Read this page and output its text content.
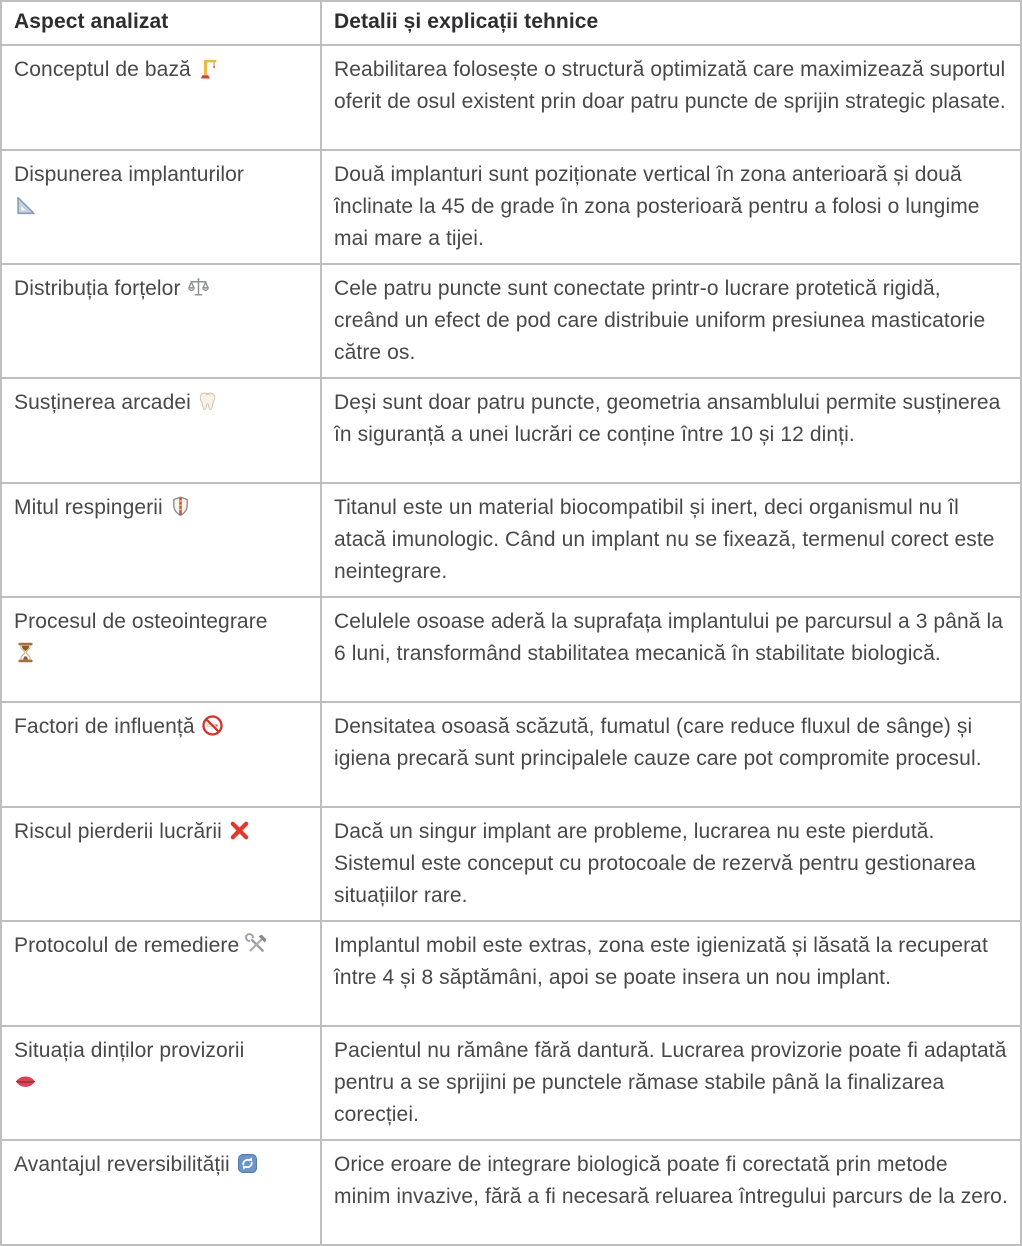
Aspect analizat	Detalii și explicații tehnice
Conceptul de bază	Reabilitarea folosește o structură optimizată care maximizează suportul oferit de osul existent prin doar patru puncte de sprijin strategic plasate.
Dispunerea implanturilor	Două implanturi sunt poziționate vertical în zona anterioară și două înclinate la 45 de grade în zona posterioară pentru a folosi o lungime mai mare a tijei.
Distribuția forțelor	Cele patru puncte sunt conectate printr-o lucrare protetică rigidă, creând un efect de pod care distribuie uniform presiunea masticatorie către os.
Susținerea arcadei	Deși sunt doar patru puncte, geometria ansamblului permite susținerea în siguranță a unei lucrări ce conține între 10 și 12 dinți.
Mitul respingerii	Titanul este un material biocompatibil și inert, deci organismul nu îl atacă imunologic. Când un implant nu se fixează, termenul corect este neintegrare.
Procesul de osteointegrare	Celulele osoase aderă la suprafața implantului pe parcursul a 3 până la 6 luni, transformând stabilitatea mecanică în stabilitate biologică.
Factori de influență	Densitatea osoasă scăzută, fumatul (care reduce fluxul de sânge) și igiena precară sunt principalele cauze care pot compromite procesul.
Riscul pierderii lucrării	Dacă un singur implant are probleme, lucrarea nu este pierdută. Sistemul este conceput cu protocoale de rezervă pentru gestionarea situațiilor rare.
Protocolul de remediere	Implantul mobil este extras, zona este igienizată și lăsată la recuperat între 4 și 8 săptămâni, apoi se poate insera un nou implant.
Situația dinților provizorii	Pacientul nu rămâne fără dantură. Lucrarea provizorie poate fi adaptată pentru a se sprijini pe punctele rămase stabile până la finalizarea corecției.
Avantajul reversibilității	Orice eroare de integrare biologică poate fi corectată prin metode minim invazive, fără a fi necesară reluarea întregului parcurs de la zero.
